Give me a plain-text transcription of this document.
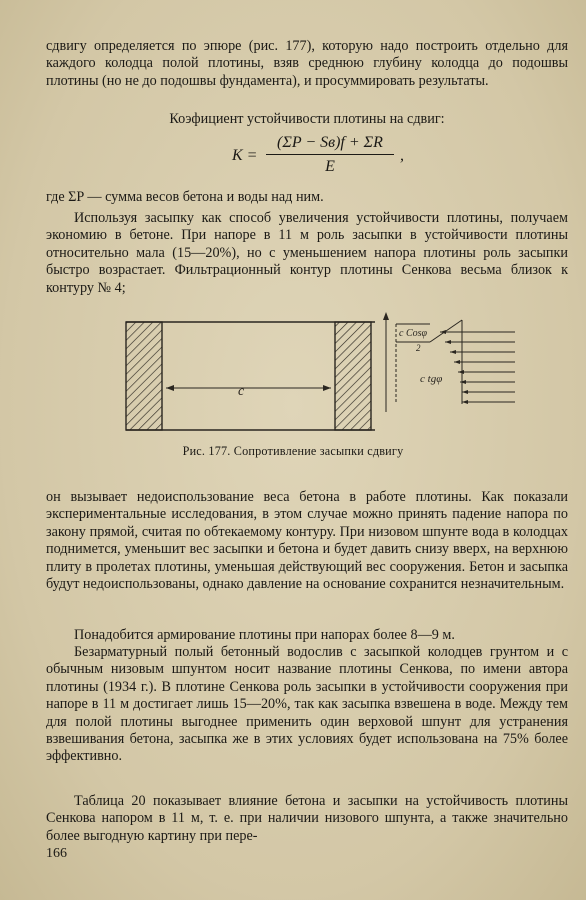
сдвигу определяется по эпюре (рис. 177), которую надо построить отдельно для каждого колодца полой плотины, взяв среднюю глубину колодца до подошвы плотины (но не до подошвы фундамента), и просуммировать результаты.

Коэфициент устойчивости плотины на сдвиг:

K =
(ΣP − Sв)f + ΣR
E
,

где ΣP — сумма весов бетона и воды над ним.

Используя засыпку как способ увеличения устойчивости плотины, получаем экономию в бетоне. При напоре в 11 м роль засыпки в устойчивости плотины относительно мала (15—20%), но с уменьшением напора плотины роль засыпки быстро возрастает. Фильтрационный контур плотины Сенкова весьма близок к контуру № 4;

c
c Cosφ
2
c tgφ
Рис. 177. Сопротивление засыпки сдвигу

он вызывает недоиспользование веса бетона в работе плотины. Как показали экспериментальные исследования, в этом случае можно принять падение напора по закону прямой, считая по обтекаемому контуру. При низовом шпунте вода в колодцах поднимется, уменьшит вес засыпки и бетона и будет давить снизу вверх, на верхнюю плиту в пролетах плотины, уменьшая действующий вес сооружения. Бетон и засыпка будут недоиспользованы, однако давление на основание сохранится незначительным.

Понадобится армирование плотины при напорах более 8—9 м.

Безарматурный полый бетонный водослив с засыпкой колодцев грунтом и с обычным низовым шпунтом носит название плотины Сенкова, по имени автора плотины (1934 г.). В плотине Сенкова роль засыпки в устойчивости сооружения при напоре в 11 м достигает лишь 15—20%, так как засыпка взвешена в воде. Между тем для полой плотины выгоднее применить один верховой шпунт для устранения взвешивания бетона, засыпка же в этих условиях будет использована на 75% более эффективно.

Таблица 20 показывает влияние бетона и засыпки на устойчивость плотины Сенкова напором в 11 м, т. е. при наличии низового шпунта, а также значительно более выгодную картину при пере-

166
